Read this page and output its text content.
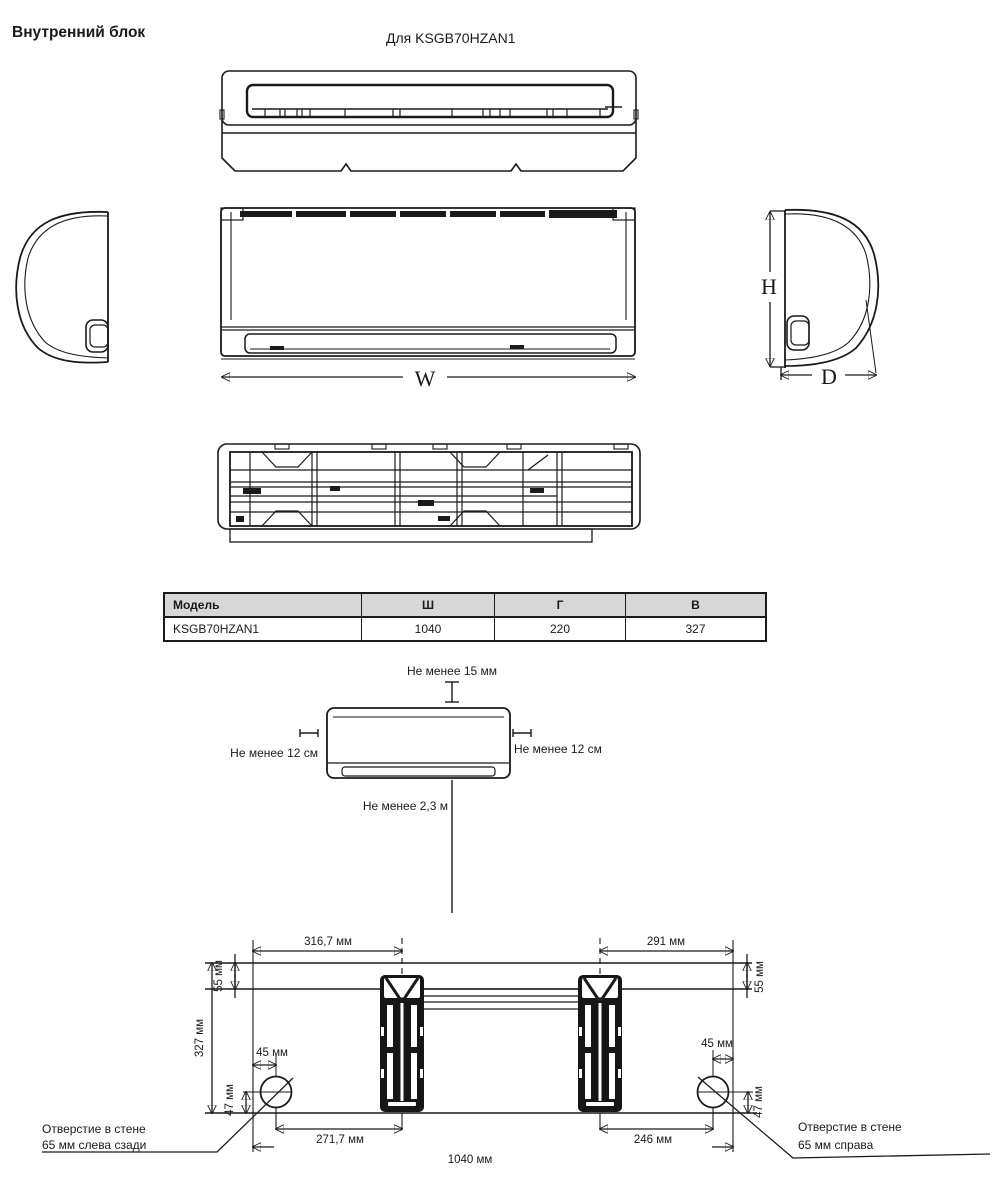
Внутренний блок	Для KSGB70HZAN1
W
H
D
Модель	Ш	Г	В
KSGB70HZAN1	1040	220	327
Не менее 15 мм
Не менее 12 см	Не менее 12 см
Не менее 2,3 м
316,7 мм	291 мм
55 мм	55 мм
327 мм	45 мм
45 мм
47 мм	47 мм
271,7 мм	246 мм
1040 мм
Отверстие в стене
65 мм слева сзади
Отверстие в стене
65 мм справа
